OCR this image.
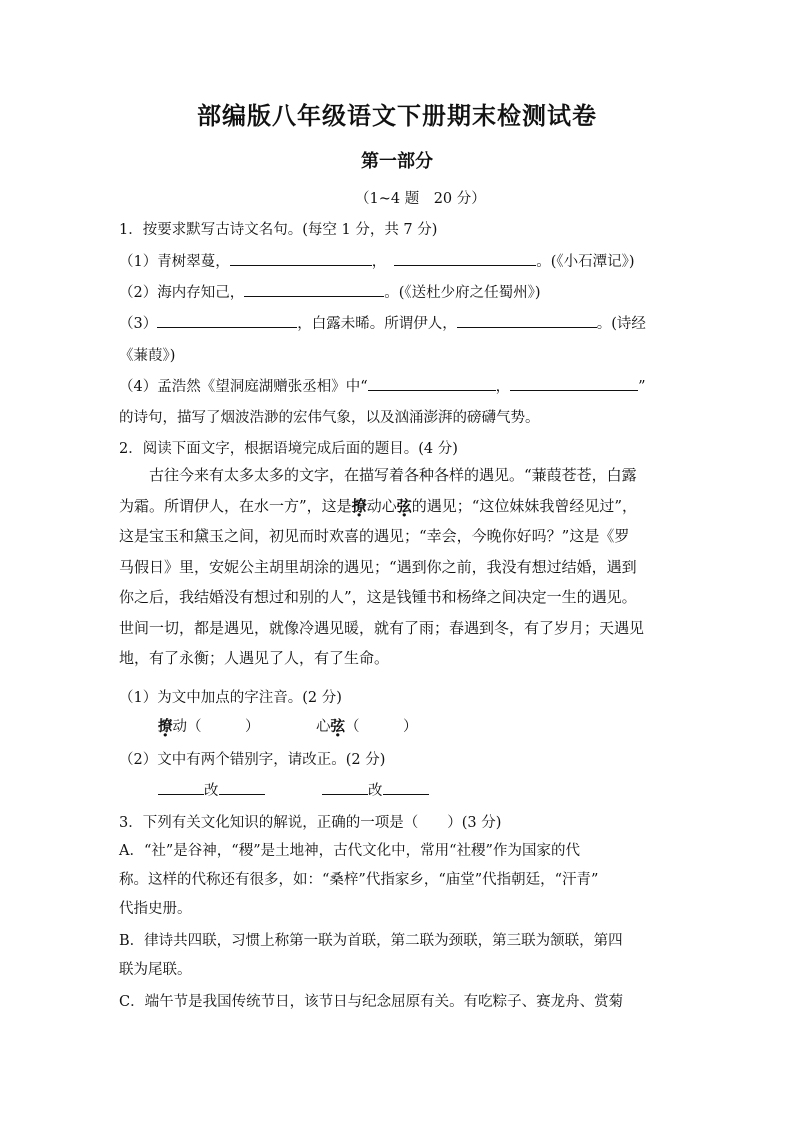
部编版八年级语文下册期末检测试卷
第一部分
（1~4 题　20 分）
1．按要求默写古诗文名句。(每空 1 分，共 7 分)
（1）青树翠蔓，	，	。(《小石潭记》)
（2）海内存知己，	。(《送杜少府之任蜀州》)
（3）	，白露未晞。所谓伊人，	。(诗经
《蒹葭》)
（4）孟浩然《望洞庭湖赠张丞相》中“	，	”
的诗句，描写了烟波浩渺的宏伟气象，以及汹涌澎湃的磅礴气势。
2．阅读下面文字，根据语境完成后面的题目。(4 分)

古往今来有太多太多的文字，在描写着各种各样的遇见。“蒹葭苍苍，白露

为霜。所谓伊人，在水一方”，这是撩动心弦的遇见；“这位妹妹我曾经见过”，

这是宝玉和黛玉之间，初见而时欢喜的遇见；“幸会，今晚你好吗？”这是《罗

马假日》里，安妮公主胡里胡涂的遇见；“遇到你之前，我没有想过结婚，遇到

你之后，我结婚没有想过和别的人”，这是钱锺书和杨绛之间决定一生的遇见。

世间一切，都是遇见，就像冷遇见暖，就有了雨；春遇到冬，有了岁月；天遇见

地，有了永衡；人遇见了人，有了生命。

（1）为文中加点的字注音。(2 分)
撩动（　　　）	心弦（　　　）
（2）文中有两个错别字，请改正。(2 分)
改	改
3．下列有关文化知识的解说，正确的一项是（　　）(3 分)

A．“社”是谷神，“稷”是土地神，古代文化中，常用“社稷”作为国家的代

称。这样的代称还有很多，如：“桑梓”代指家乡，“庙堂”代指朝廷，“汗青”

代指史册。

B．律诗共四联，习惯上称第一联为首联，第二联为颈联，第三联为颔联，第四

联为尾联。

C．端午节是我国传统节日，该节日与纪念屈原有关。有吃粽子、赛龙舟、赏菊
